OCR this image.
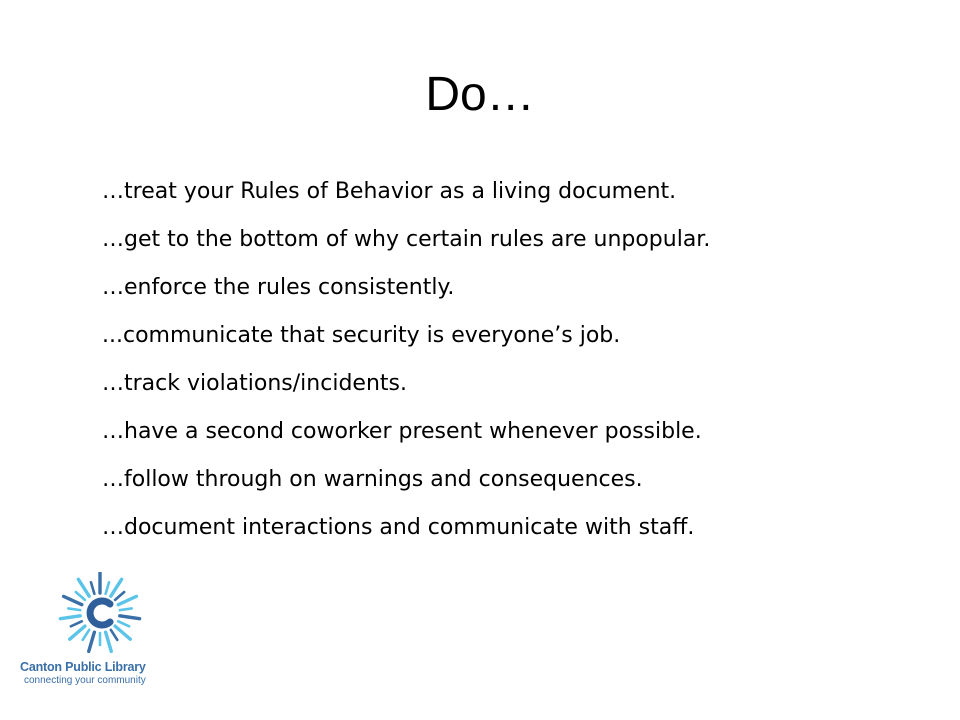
Do…
…treat your Rules of Behavior as a living document.
…get to the bottom of why certain rules are unpopular.
…enforce the rules consistently.
...communicate that security is everyone’s job.
…track violations/incidents.
…have a second coworker present whenever possible.
…follow through on warnings and consequences.
…document interactions and communicate with staff.
Canton Public Library
connecting your community
